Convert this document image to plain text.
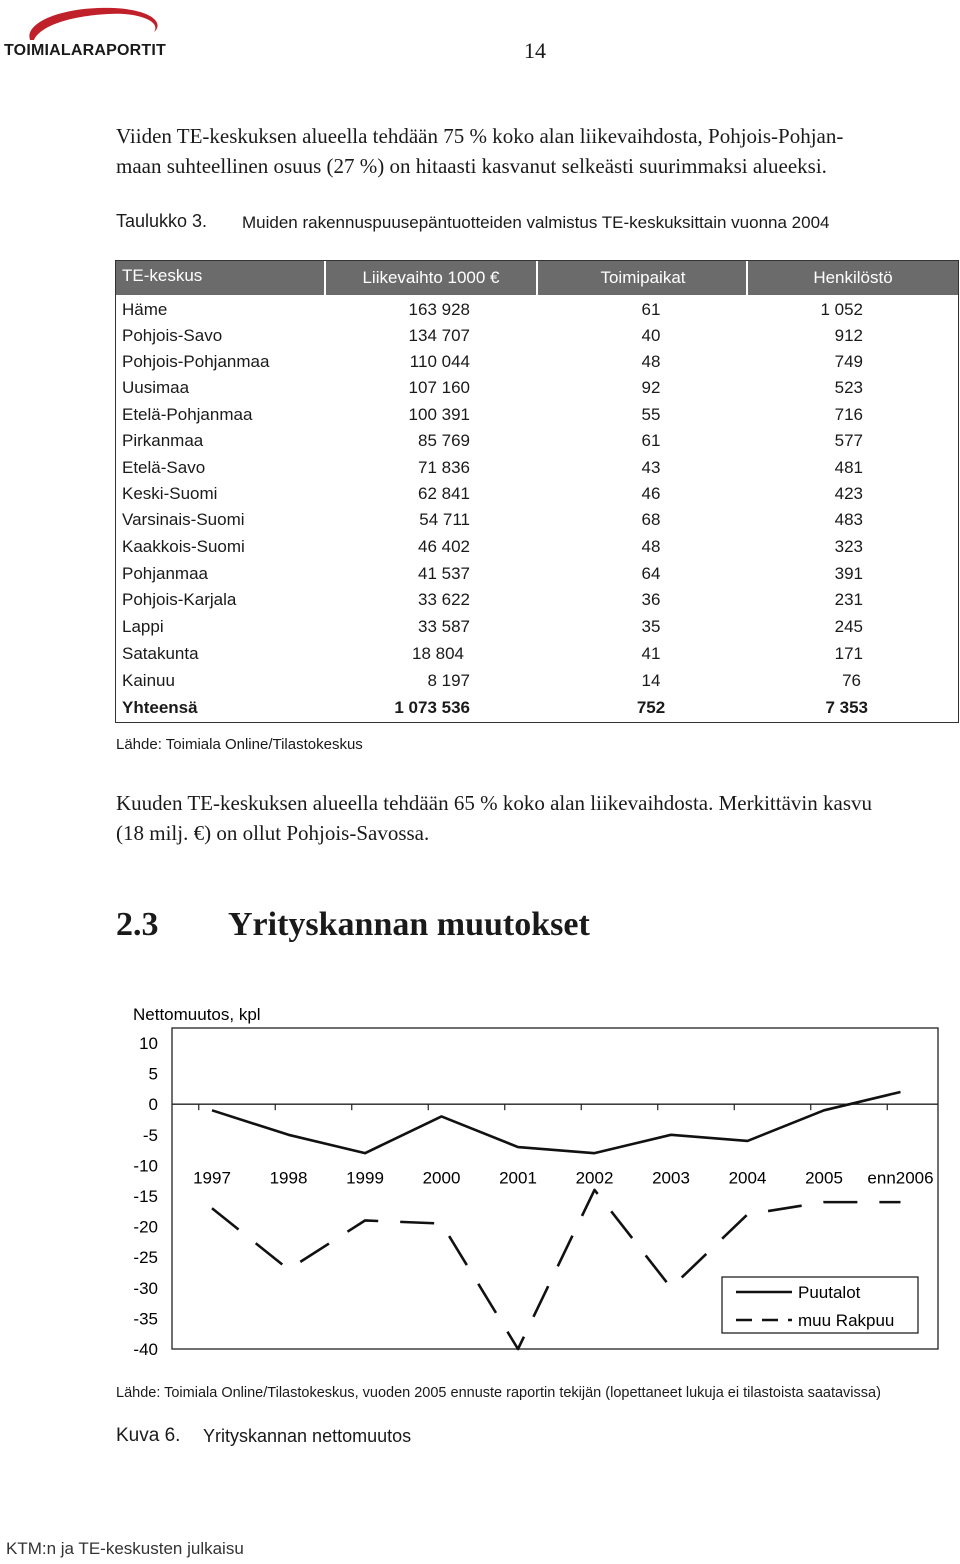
TOIMIALARAPORTIT	14
Viiden TE-keskuksen alueella tehdään 75 % koko alan liikevaihdosta, Pohjois-Pohjan-
maan suhteellinen osuus (27 %) on hitaasti kasvanut selkeästi suurimmaksi alueeksi.
Taulukko 3. Muiden rakennuspuusepäntuotteiden valmistus TE-keskuksittain vuonna 2004
TE-keskus	Liikevaihto 1000 €	Toimipaikat	Henkilöstö
Häme	163 928	61	1 052
Pohjois-Savo	134 707	40	912
Pohjois-Pohjanmaa	110 044	48	749
Uusimaa	107 160	92	523
Etelä-Pohjanmaa	100 391	55	716
Pirkanmaa	85 769	61	577
Etelä-Savo	71 836	43	481
Keski-Suomi	62 841	46	423
Varsinais-Suomi	54 711	68	483
Kaakkois-Suomi	46 402	48	323
Pohjanmaa	41 537	64	391
Pohjois-Karjala	33 622	36	231
Lappi	33 587	35	245
Satakunta	18 804	41	171
Kainuu	8 197	14	76
Yhteensä	1 073 536	752	7 353
Lähde: Toimiala Online/Tilastokeskus
Kuuden TE-keskuksen alueella tehdään 65 % koko alan liikevaihdosta. Merkittävin kasvu
(18 milj. €) on ollut Pohjois-Savossa.
2.3 Yrityskannan muutokset
Nettomuutos, kpl
10
5
0
-5
-10
-15
-20
-25
-30
-35
-40
1997 1998 1999 2000 2001 2002 2003 2004 2005 enn2006
Puutalot
muu Rakpuu
Lähde: Toimiala Online/Tilastokeskus, vuoden 2005 ennuste raportin tekijän (lopettaneet lukuja ei tilastoista saatavissa)
Kuva 6. Yrityskannan nettomuutos
KTM:n ja TE-keskusten julkaisu
